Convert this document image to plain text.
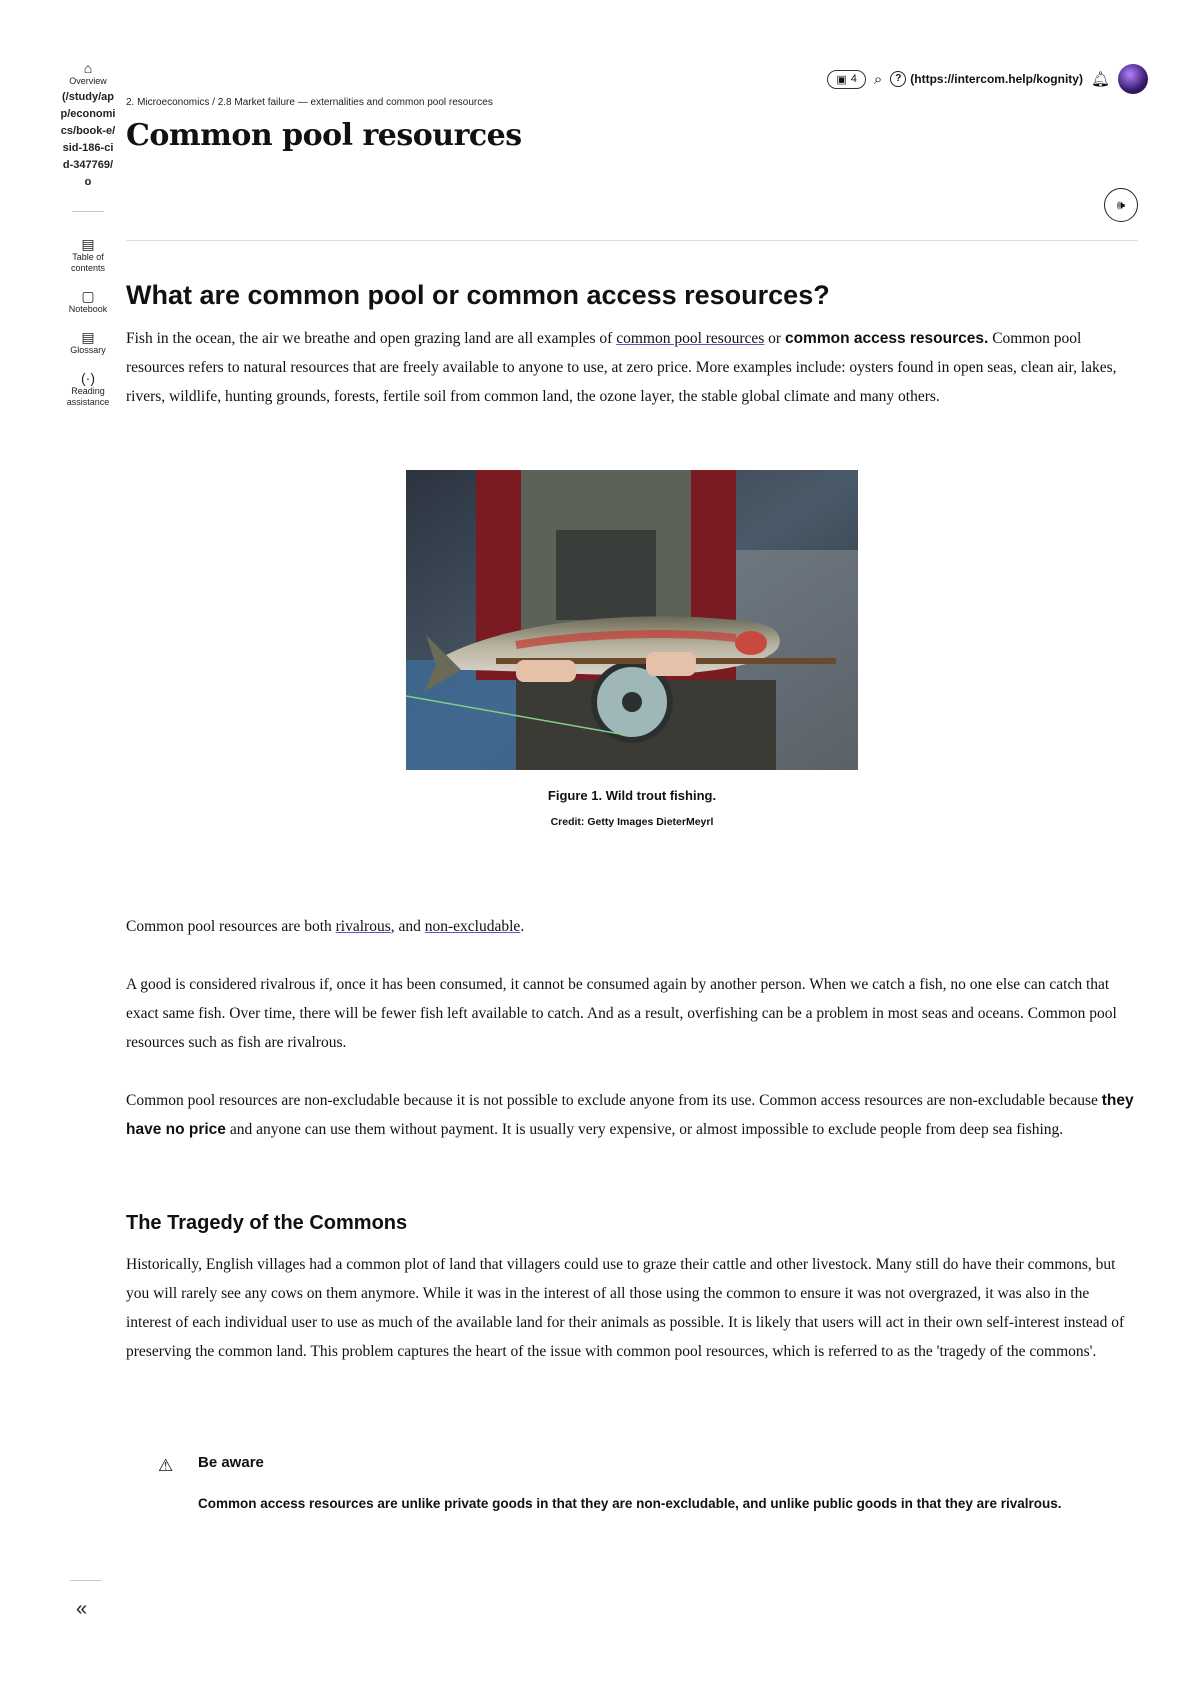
⌂
Overview
(/study/app/economics/book-e/sid-186-cid-347769/o
▤
Table of contents
▢
Notebook
▤
Glossary
(·)
Reading assistance
«
▣ 4 ⌕	? (https://intercom.help/kognity) 🔔︎
2. Microeconomics / 2.8 Market failure — externalities and common pool resources
Common pool resources
🕪︎
What are common pool or common access resources?

Fish in the ocean, the air we breathe and open grazing land are all examples of common pool resources or common access resources. Common pool resources refers to natural resources that are freely available to anyone to use, at zero price. More examples include: oysters found in open seas, clean air, lakes, rivers, wildlife, hunting grounds, forests, fertile soil from common land, the ozone layer, the stable global climate and many others.

Figure 1. Wild trout fishing.
Credit: Getty Images DieterMeyrl

Common pool resources are both rivalrous, and non-excludable.

A good is considered rivalrous if, once it has been consumed, it cannot be consumed again by another person. When we catch a fish, no one else can catch that exact same fish. Over time, there will be fewer fish left available to catch. And as a result, overfishing can be a problem in most seas and oceans. Common pool resources such as fish are rivalrous.

Common pool resources are non-excludable because it is not possible to exclude anyone from its use. Common access resources are non-excludable because they have no price and anyone can use them without payment. It is usually very expensive, or almost impossible to exclude people from deep sea fishing.

The Tragedy of the Commons

Historically, English villages had a common plot of land that villagers could use to graze their cattle and other livestock. Many still do have their commons, but you will rarely see any cows on them anymore. While it was in the interest of all those using the common to ensure it was not overgrazed, it was also in the interest of each individual user to use as much of the available land for their animals as possible. It is likely that users will act in their own self-interest instead of preserving the common land. This problem captures the heart of the issue with common pool resources, which is referred to as the 'tragedy of the commons'.

⚠ Be aware
Common access resources are unlike private goods in that they are non-excludable, and unlike public goods in that they are rivalrous.
